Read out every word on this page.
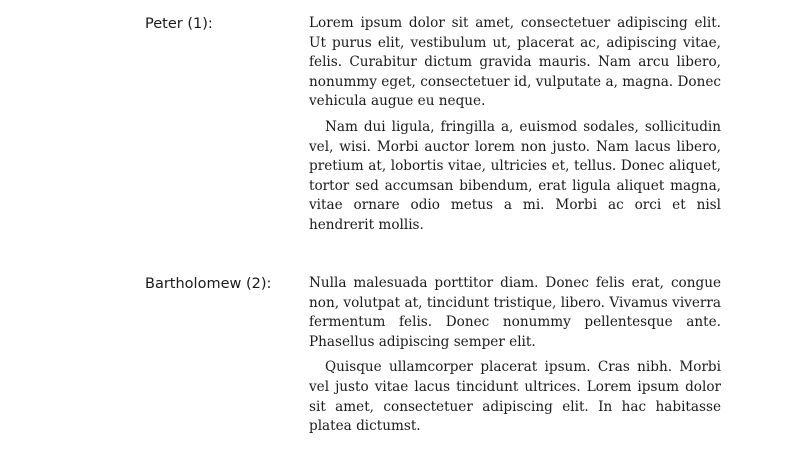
Peter (1):	Lorem ipsum dolor sit amet, consectetuer adipiscing elit. Ut purus elit, vestibulum ut, placerat ac, adipiscing vitae, felis. Curabitur dictum gravida mauris. Nam arcu libero, nonummy eget, consectetuer id, vulputate a, magna. Donec vehicula augue eu neque.

Nam dui ligula, fringilla a, euismod sodales, sollicitudin vel, wisi. Morbi auctor lorem non justo. Nam lacus libero, pretium at, lobortis vitae, ultricies et, tellus. Donec aliquet, tortor sed accumsan bibendum, erat ligula aliquet magna, vitae ornare odio metus a mi. Morbi ac orci et nisl hendrerit mollis.

Bartholomew (2):	Nulla malesuada porttitor diam. Donec felis erat, congue non, volutpat at, tincidunt tristique, libero. Vivamus viverra fermentum felis. Donec nonummy pellentesque ante. Phasellus adipiscing semper elit.

Quisque ullamcorper placerat ipsum. Cras nibh. Morbi vel justo vitae lacus tincidunt ultrices. Lorem ipsum dolor sit amet, consectetuer adipiscing elit. In hac habitasse platea dictumst.
